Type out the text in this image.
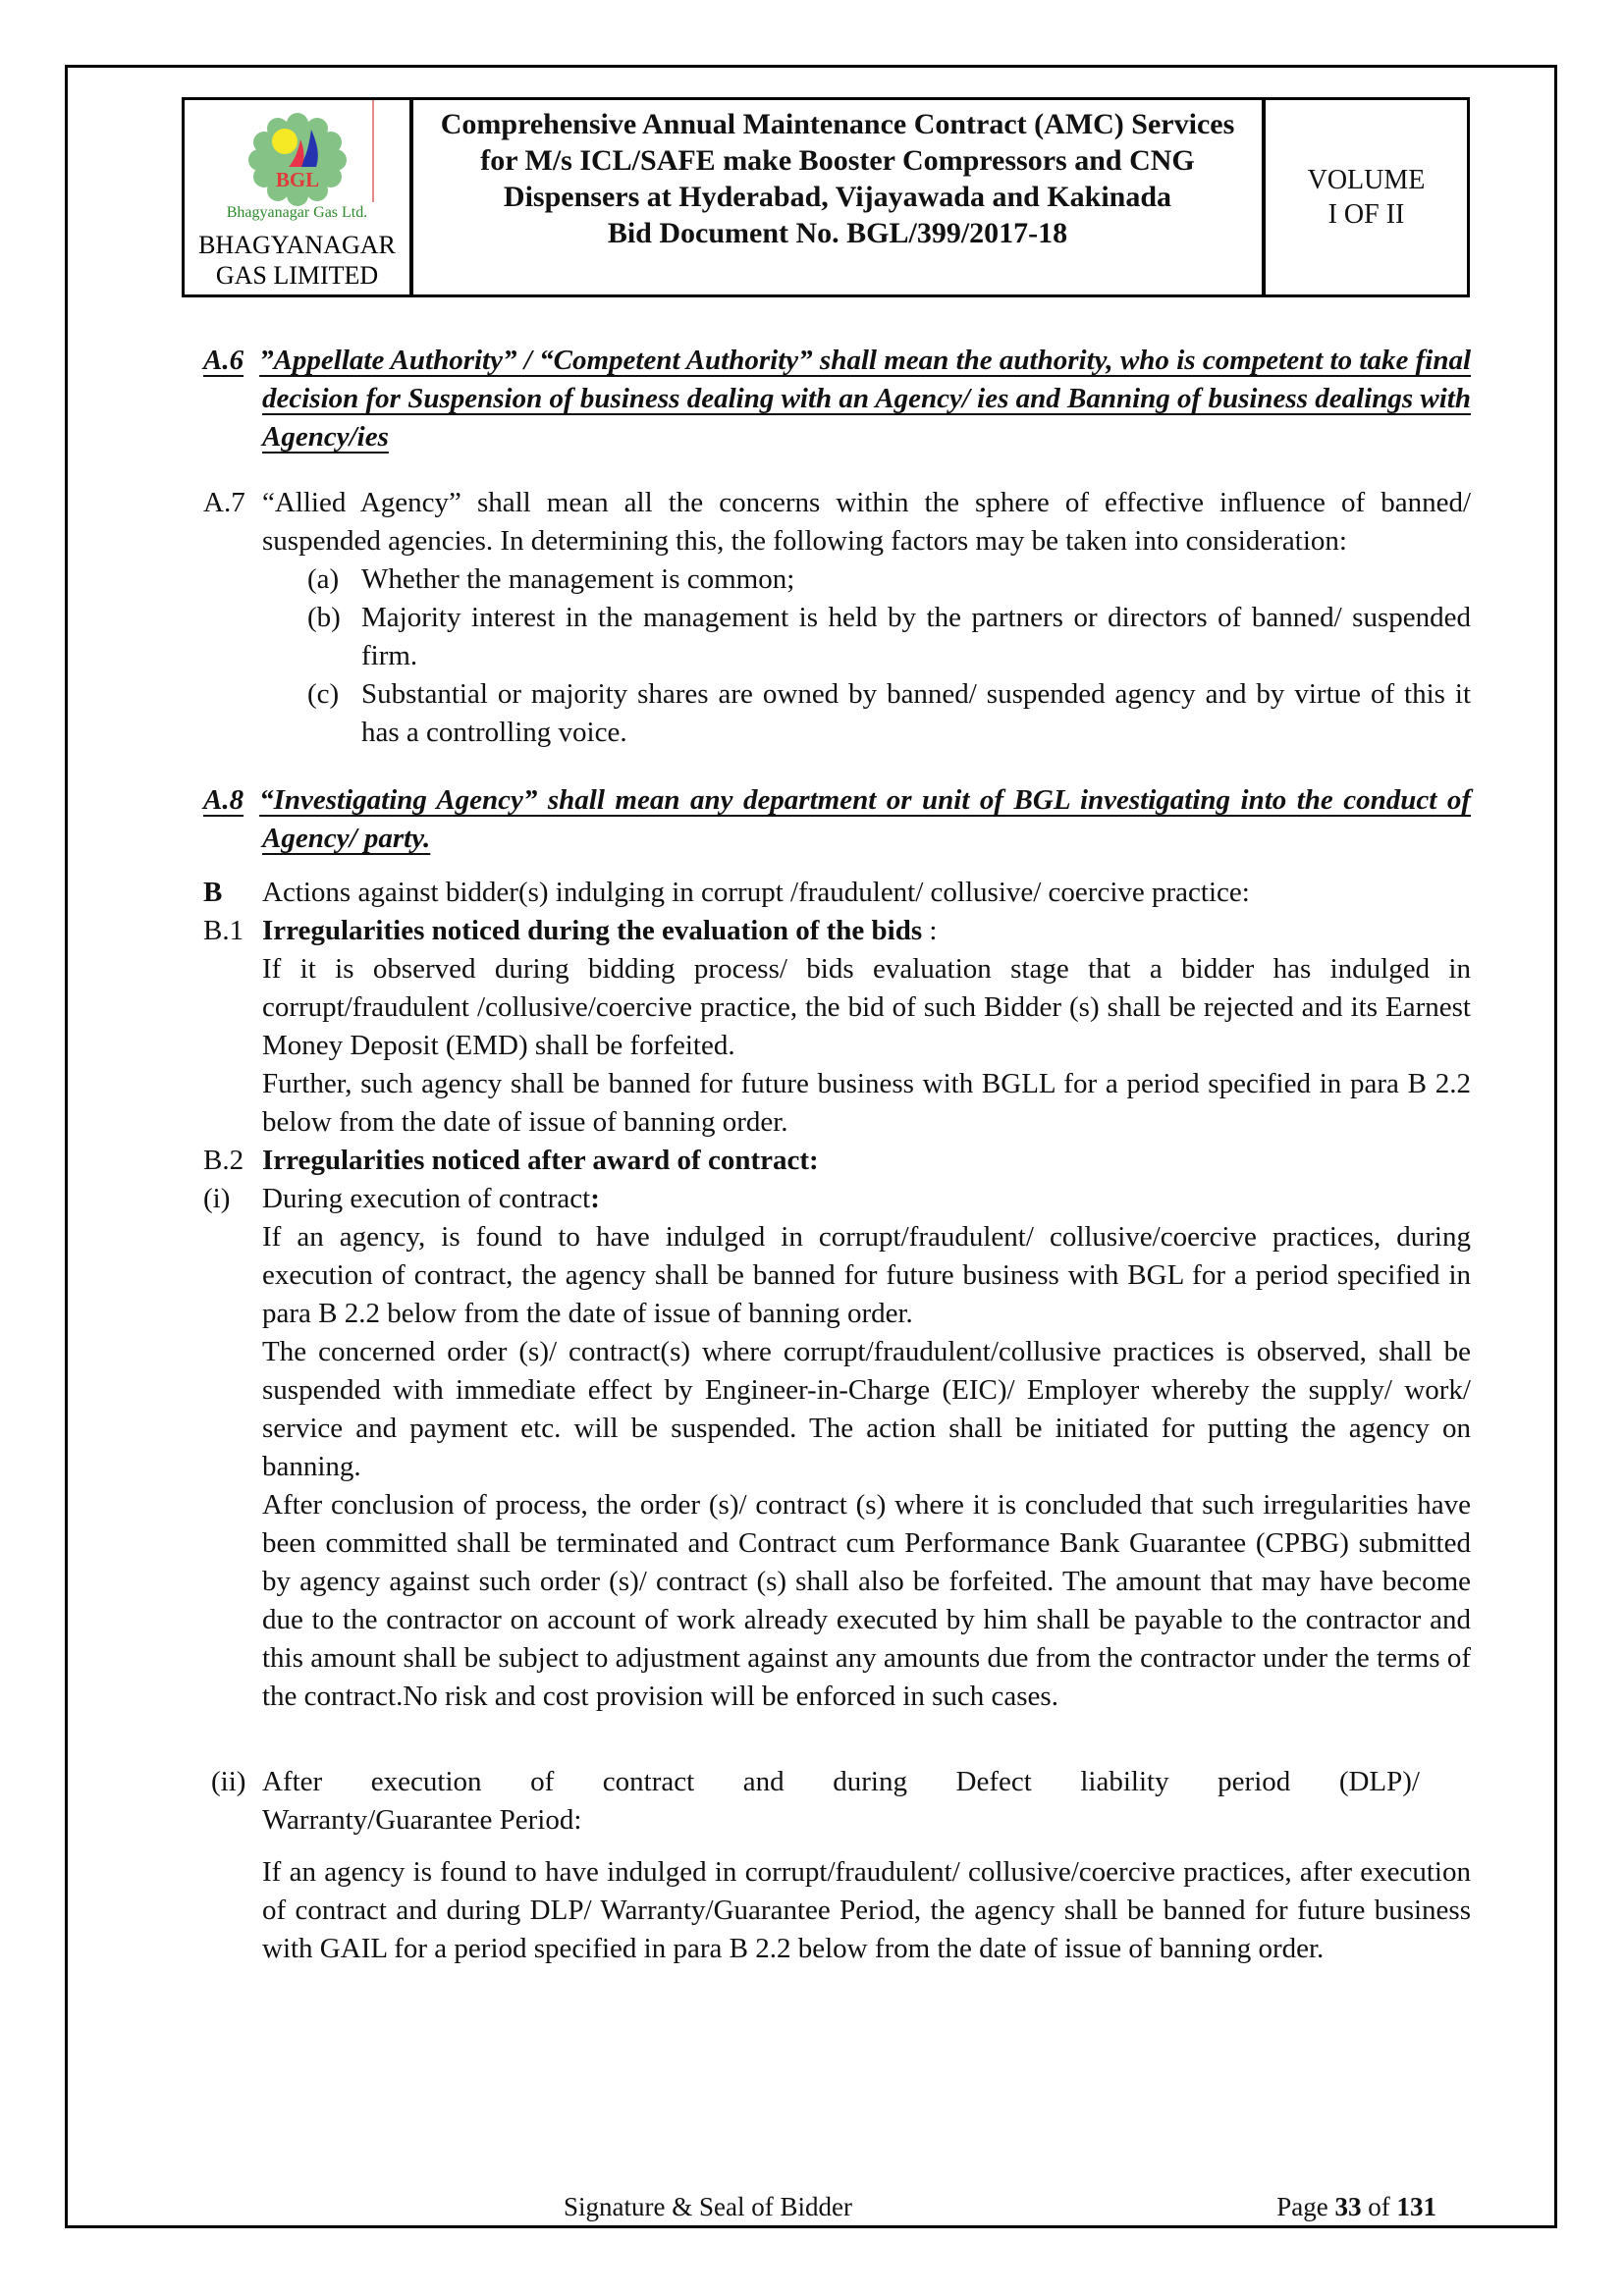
BGL
Bhagyanagar Gas Ltd.
BHAGYANAGAR GAS LIMITED
Comprehensive Annual Maintenance Contract (AMC) Services for M/s ICL/SAFE make Booster Compressors and CNG Dispensers at Hyderabad, Vijayawada and Kakinada
Bid Document No. BGL/399/2017-18
VOLUME
I OF II
A.6 ”Appellate Authority” / “Competent Authority” shall mean the authority, who is competent to take final decision for Suspension of business dealing with an Agency/ ies and Banning of business dealings with Agency/ies
A.7 “Allied Agency” shall mean all the concerns within the sphere of effective influence of banned/ suspended agencies. In determining this, the following factors may be taken into consideration:
(a) Whether the management is common;
(b) Majority interest in the management is held by the partners or directors of banned/ suspended firm.
(c) Substantial or majority shares are owned by banned/ suspended agency and by virtue of this it has a controlling voice.
A.8 “Investigating Agency” shall mean any department or unit of BGL investigating into the conduct of Agency/ party.
B Actions against bidder(s) indulging in corrupt /fraudulent/ collusive/ coercive practice:
B.1 Irregularities noticed during the evaluation of the bids :
If it is observed during bidding process/ bids evaluation stage that a bidder has indulged in corrupt/fraudulent /collusive/coercive practice, the bid of such Bidder (s) shall be rejected and its Earnest Money Deposit (EMD) shall be forfeited.
Further, such agency shall be banned for future business with BGLL for a period specified in para B 2.2 below from the date of issue of banning order.
B.2 Irregularities noticed after award of contract:
(i) During execution of contract:
If an agency, is found to have indulged in corrupt/fraudulent/ collusive/coercive practices, during execution of contract, the agency shall be banned for future business with BGL for a period specified in para B 2.2 below from the date of issue of banning order.
The concerned order (s)/ contract(s) where corrupt/fraudulent/collusive practices is observed, shall be suspended with immediate effect by Engineer-in-Charge (EIC)/ Employer whereby the supply/ work/ service and payment etc. will be suspended. The action shall be initiated for putting the agency on banning.
After conclusion of process, the order (s)/ contract (s) where it is concluded that such irregularities have been committed shall be terminated and Contract cum Performance Bank Guarantee (CPBG) submitted by agency against such order (s)/ contract (s) shall also be forfeited. The amount that may have become due to the contractor on account of work already executed by him shall be payable to the contractor and this amount shall be subject to adjustment against any amounts due from the contractor under the terms of the contract.No risk and cost provision will be enforced in such cases.
(ii) After execution of contract and during Defect liability period (DLP)/
Warranty/Guarantee Period:
If an agency is found to have indulged in corrupt/fraudulent/ collusive/coercive practices, after execution of contract and during DLP/ Warranty/Guarantee Period, the agency shall be banned for future business with GAIL for a period specified in para B 2.2 below from the date of issue of banning order.
Signature & Seal of Bidder	Page 33 of 131
